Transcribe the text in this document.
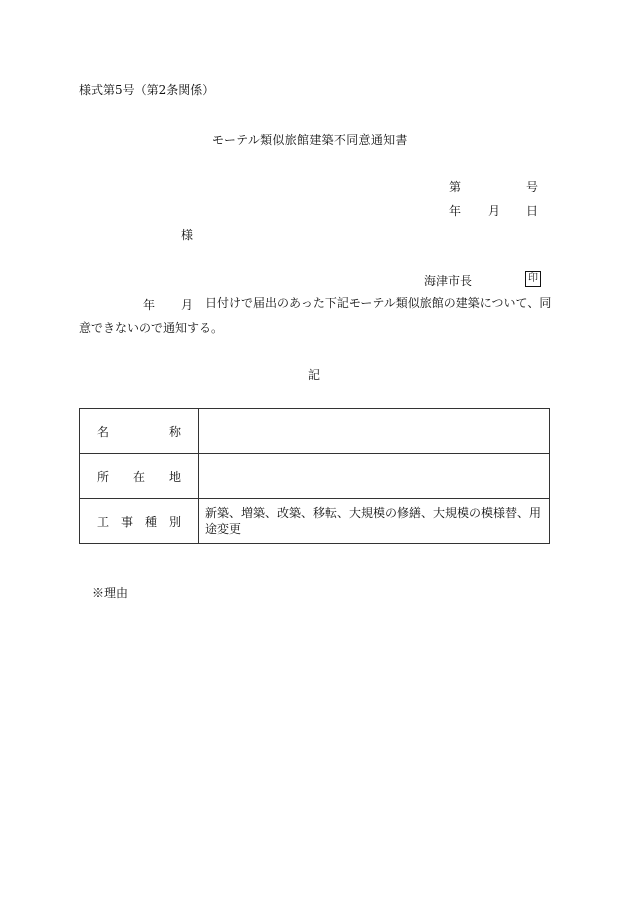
様式第5号（第2条関係）
モーテル類似旅館建築不同意通知書
第	号
年 月 日
様
海津市長	印
年 月 日付けで届出のあった下記モーテル類似旅館の建築について、同意できないので通知する。
記
名　　　　　称	
所　　在　　地	
工　事　種　別	新築、増築、改築、移転、大規模の修繕、大規模の模様替、用途変更
※理由
